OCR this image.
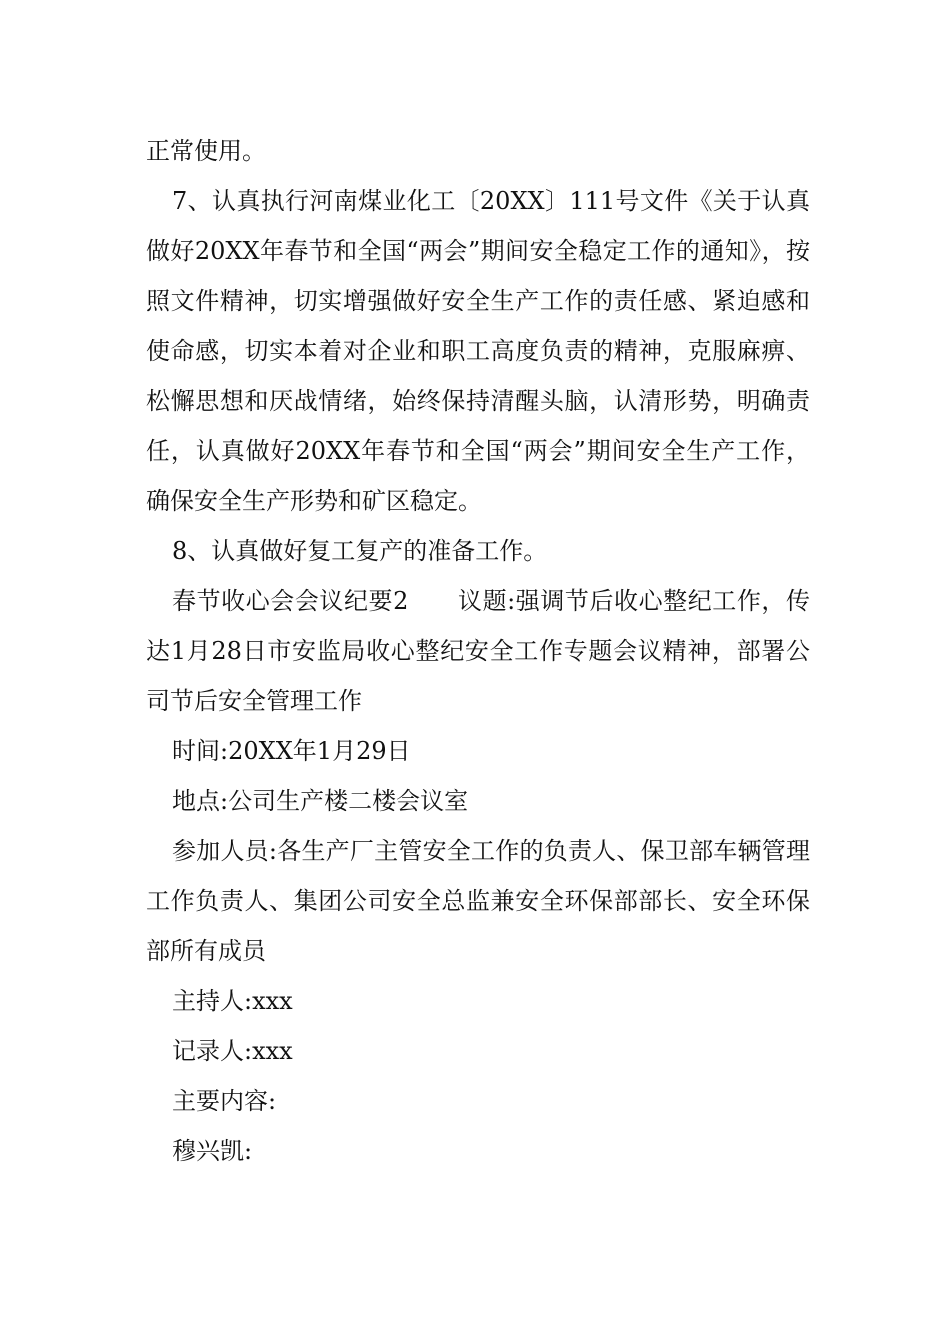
正常使用。

7、认真执行河南煤业化工〔20XX〕111号文件《关于认真做好20XX年春节和全国“两会”期间安全稳定工作的通知》，按照文件精神，切实增强做好安全生产工作的责任感、紧迫感和使命感，切实本着对企业和职工高度负责的精神，克服麻痹、松懈思想和厌战情绪，始终保持清醒头脑，认清形势，明确责任，认真做好20XX年春节和全国“两会”期间安全生产工作，确保安全生产形势和矿区稳定。

8、认真做好复工复产的准备工作。

春节收心会会议纪要2　　议题:强调节后收心整纪工作，传达1月28日市安监局收心整纪安全工作专题会议精神，部署公司节后安全管理工作

时间:20XX年1月29日

地点:公司生产楼二楼会议室

参加人员:各生产厂主管安全工作的负责人、保卫部车辆管理工作负责人、集团公司安全总监兼安全环保部部长、安全环保部所有成员

主持人:xxx

记录人:xxx

主要内容:

穆兴凯:
